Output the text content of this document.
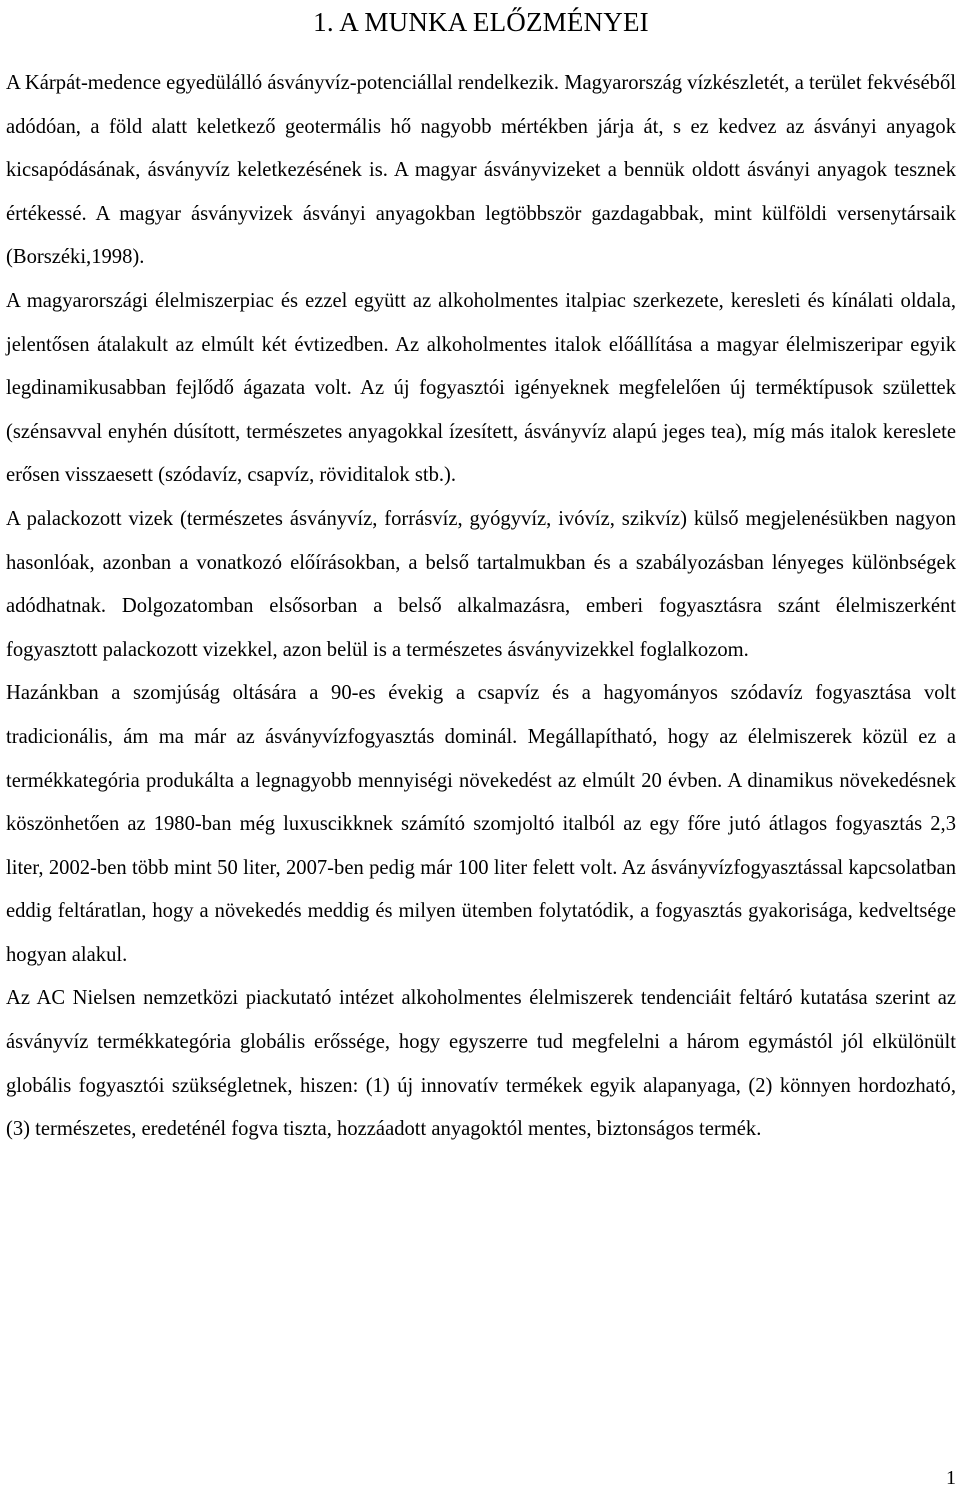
1. A MUNKA ELŐZMÉNYEI

A Kárpát-medence egyedülálló ásványvíz-potenciállal rendelkezik. Magyarország vízkészletét, a terület fekvéséből adódóan, a föld alatt keletkező geotermális hő nagyobb mértékben járja át, s ez kedvez az ásványi anyagok kicsapódásának, ásványvíz keletkezésének is. A magyar ásványvizeket a bennük oldott ásványi anyagok tesznek értékessé. A magyar ásványvizek ásványi anyagokban legtöbbször gazdagabbak, mint külföldi versenytársaik (Borszéki,1998).

A magyarországi élelmiszerpiac és ezzel együtt az alkoholmentes italpiac szerkezete, keresleti és kínálati oldala, jelentősen átalakult az elmúlt két évtizedben. Az alkoholmentes italok előállítása a magyar élelmiszeripar egyik legdinamikusabban fejlődő ágazata volt. Az új fogyasztói igényeknek megfelelően új terméktípusok születtek (szénsavval enyhén dúsított, természetes anyagokkal ízesített, ásványvíz alapú jeges tea), míg más italok kereslete erősen visszaesett (szódavíz, csapvíz, röviditalok stb.).

A palackozott vizek (természetes ásványvíz, forrásvíz, gyógyvíz, ivóvíz, szikvíz) külső megjelenésükben nagyon hasonlóak, azonban a vonatkozó előírásokban, a belső tartalmukban és a szabályozásban lényeges különbségek adódhatnak. Dolgozatomban elsősorban a belső alkalmazásra, emberi fogyasztásra szánt élelmiszerként fogyasztott palackozott vizekkel, azon belül is a természetes ásványvizekkel foglalkozom.

Hazánkban a szomjúság oltására a 90-es évekig a csapvíz és a hagyományos szódavíz fogyasztása volt tradicionális, ám ma már az ásványvízfogyasztás dominál. Megállapítható, hogy az élelmiszerek közül ez a termékkategória produkálta a legnagyobb mennyiségi növekedést az elmúlt 20 évben. A dinamikus növekedésnek köszönhetően az 1980-ban még luxuscikknek számító szomjoltó italból az egy főre jutó átlagos fogyasztás 2,3 liter, 2002-ben több mint 50 liter, 2007-ben pedig már 100 liter felett volt. Az ásványvízfogyasztással kapcsolatban eddig feltáratlan, hogy a növekedés meddig és milyen ütemben folytatódik, a fogyasztás gyakorisága, kedveltsége hogyan alakul.

Az AC Nielsen nemzetközi piackutató intézet alkoholmentes élelmiszerek tendenciáit feltáró kutatása szerint az ásványvíz termékkategória globális erőssége, hogy egyszerre tud megfelelni a három egymástól jól elkülönült globális fogyasztói szükségletnek, hiszen: (1) új innovatív termékek egyik alapanyaga, (2) könnyen hordozható, (3) természetes, eredeténél fogva tiszta, hozzáadott anyagoktól mentes, biztonságos termék.

1
